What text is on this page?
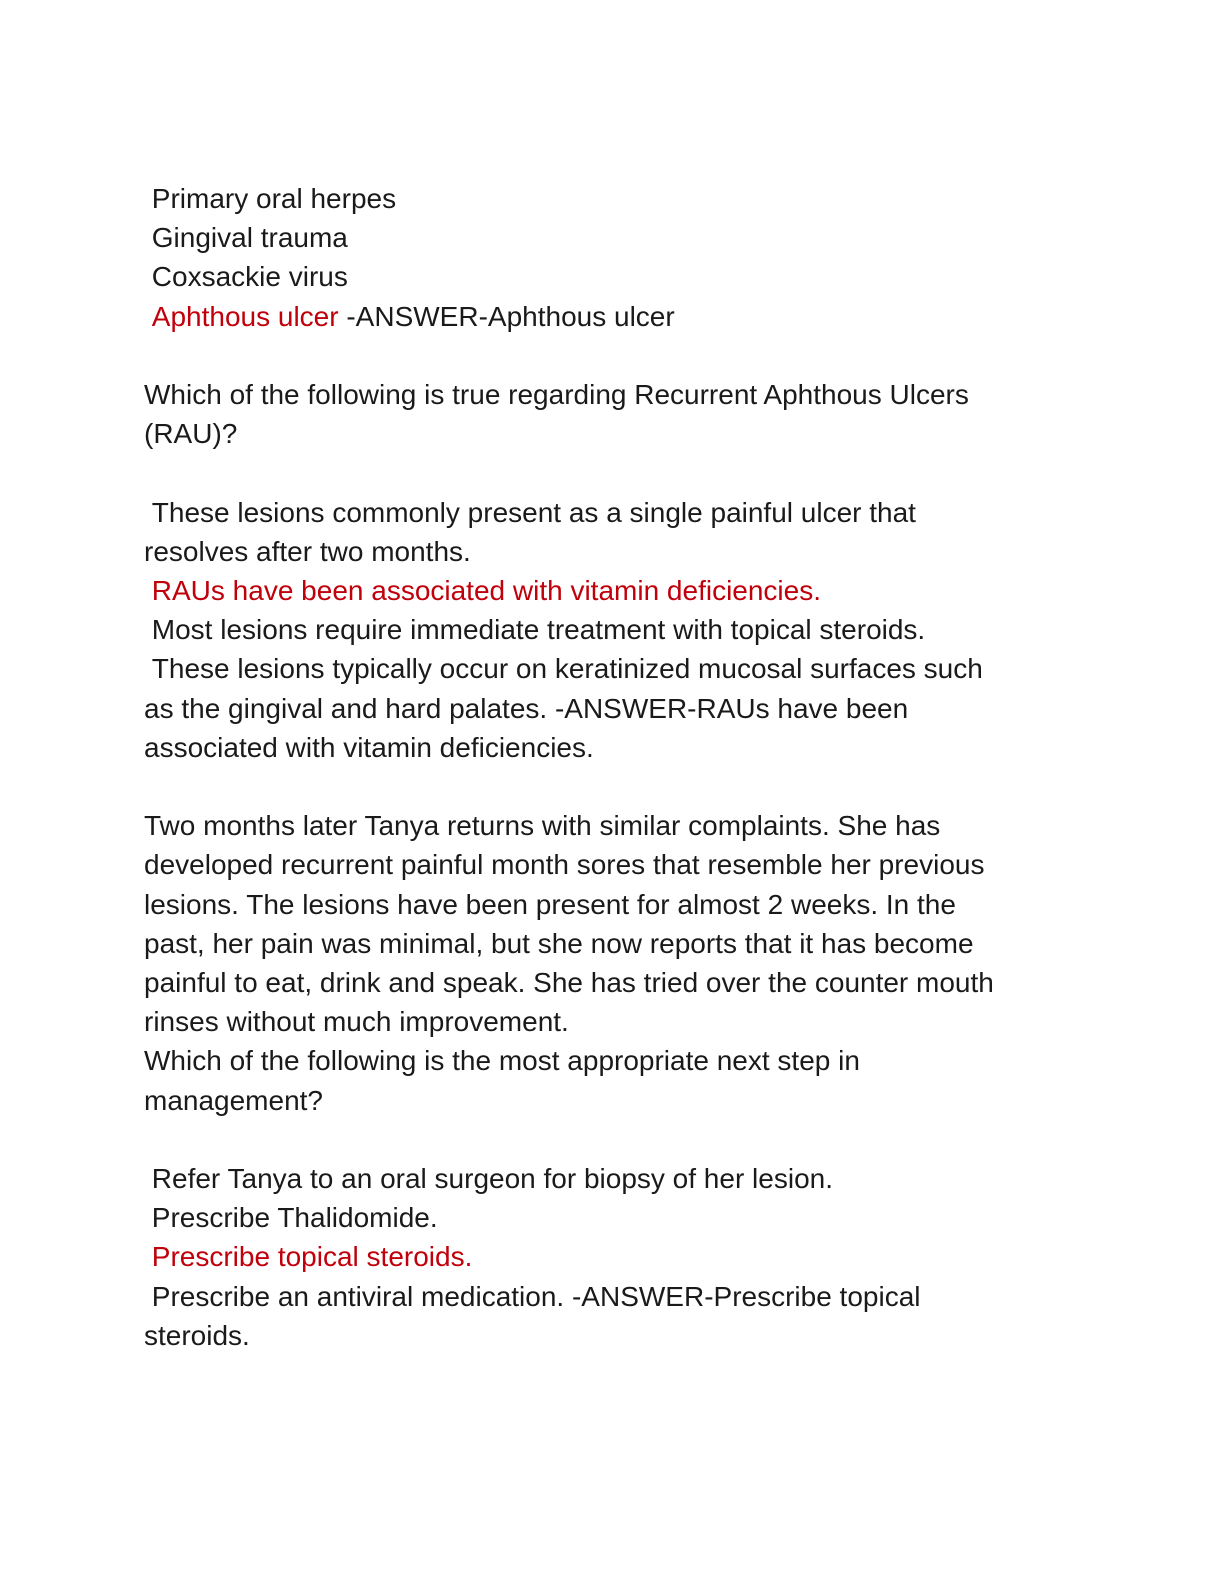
Primary oral herpes

Gingival trauma

Coxsackie virus

Aphthous ulcer -ANSWER-Aphthous ulcer

Which of the following is true regarding Recurrent Aphthous Ulcers

(RAU)?

These lesions commonly present as a single painful ulcer that

resolves after two months.

RAUs have been associated with vitamin deficiencies.

Most lesions require immediate treatment with topical steroids.

These lesions typically occur on keratinized mucosal surfaces such

as the gingival and hard palates. -ANSWER-RAUs have been

associated with vitamin deficiencies.

Two months later Tanya returns with similar complaints. She has

developed recurrent painful month sores that resemble her previous

lesions. The lesions have been present for almost 2 weeks. In the

past, her pain was minimal, but she now reports that it has become

painful to eat, drink and speak. She has tried over the counter mouth

rinses without much improvement.

Which of the following is the most appropriate next step in

management?

Refer Tanya to an oral surgeon for biopsy of her lesion.

Prescribe Thalidomide.

Prescribe topical steroids.

Prescribe an antiviral medication. -ANSWER-Prescribe topical

steroids.
